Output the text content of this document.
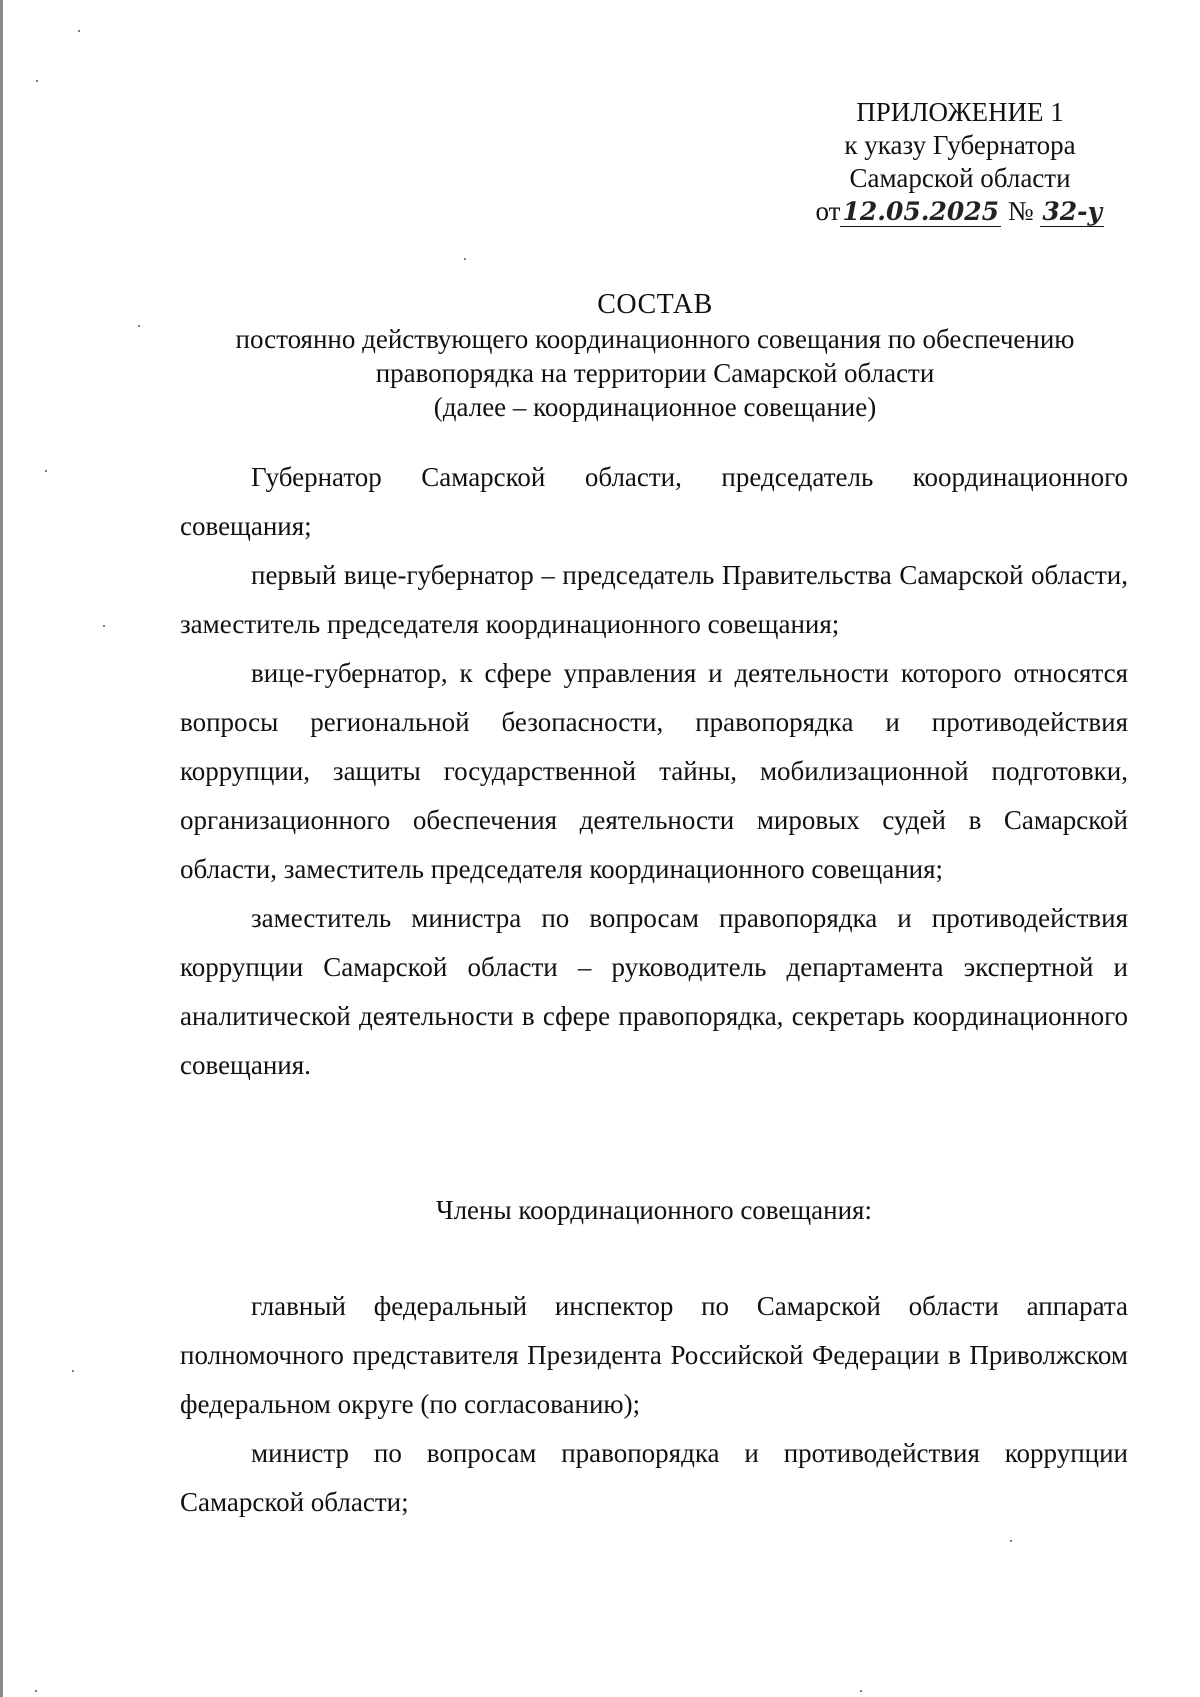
ПРИЛОЖЕНИЕ 1
к указу Губернатора
Самарской области
от12.05.2025 № 32-у
СОСТАВ
постоянно действующего координационного совещания по обеспечению
правопорядка на территории Самарской области
(далее – координационное совещание)

Губернатор Самарской области, председатель координационного совещания;

первый вице-губернатор – председатель Правительства Самарской области, заместитель председателя координационного совещания;

вице-губернатор, к сфере управления и деятельности которого относятся вопросы региональной безопасности, правопорядка и противодействия коррупции, защиты государственной тайны, мобилизационной подготовки, организационного обеспечения деятельности мировых судей в Самарской области, заместитель председателя координационного совещания;

заместитель министра по вопросам правопорядка и противодействия коррупции Самарской области – руководитель департамента экспертной и аналитической деятельности в сфере правопорядка, секретарь координационного совещания.

Члены координационного совещания:

главный федеральный инспектор по Самарской области аппарата полномочного представителя Президента Российской Федерации в Приволжском федеральном округе (по согласованию);

министр по вопросам правопорядка и противодействия коррупции Самарской области;
